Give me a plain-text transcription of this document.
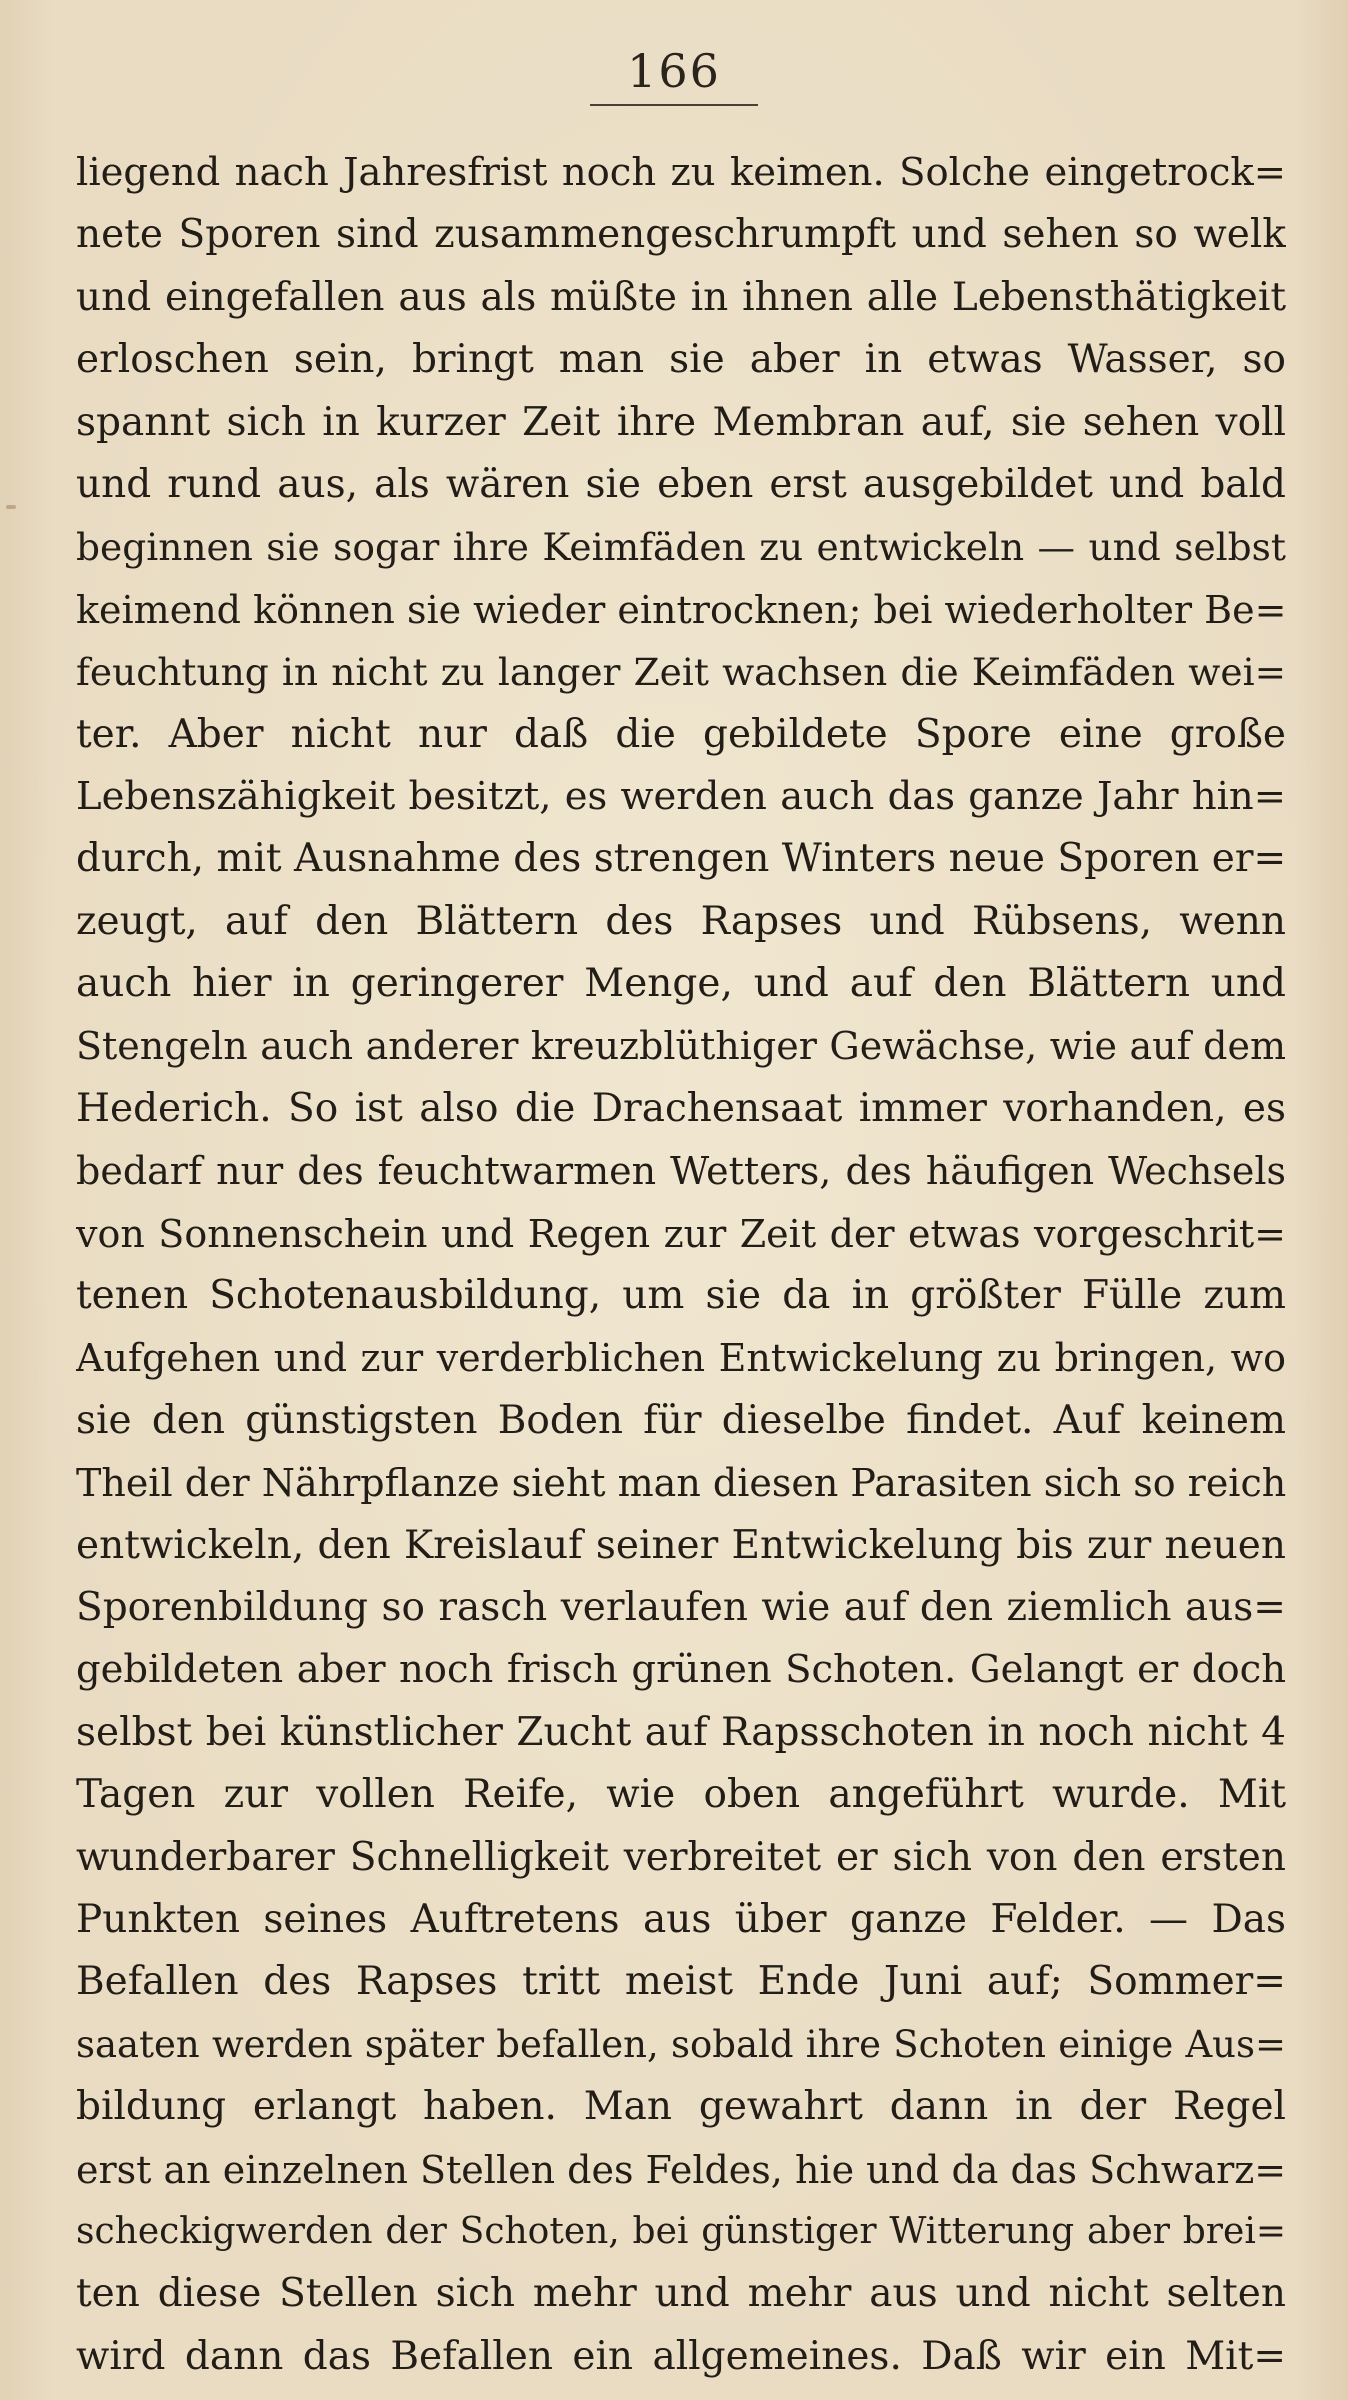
166
liegend nach Jahresfrist noch zu keimen. Solche eingetrock=
nete Sporen sind zusammengeschrumpft und sehen so welk
und eingefallen aus als müßte in ihnen alle Lebensthätigkeit
erloschen sein, bringt man sie aber in etwas Wasser, so
spannt sich in kurzer Zeit ihre Membran auf, sie sehen voll
und rund aus, als wären sie eben erst ausgebildet und bald
beginnen sie sogar ihre Keimfäden zu entwickeln — und selbst
keimend können sie wieder eintrocknen; bei wiederholter Be=
feuchtung in nicht zu langer Zeit wachsen die Keimfäden wei=
ter. Aber nicht nur daß die gebildete Spore eine große
Lebenszähigkeit besitzt, es werden auch das ganze Jahr hin=
durch, mit Ausnahme des strengen Winters neue Sporen er=
zeugt, auf den Blättern des Rapses und Rübsens, wenn
auch hier in geringerer Menge, und auf den Blättern und
Stengeln auch anderer kreuzblüthiger Gewächse, wie auf dem
Hederich. So ist also die Drachensaat immer vorhanden, es
bedarf nur des feuchtwarmen Wetters, des häufigen Wechsels
von Sonnenschein und Regen zur Zeit der etwas vorgeschrit=
tenen Schotenausbildung, um sie da in größter Fülle zum
Aufgehen und zur verderblichen Entwickelung zu bringen, wo
sie den günstigsten Boden für dieselbe findet. Auf keinem
Theil der Nährpflanze sieht man diesen Parasiten sich so reich
entwickeln, den Kreislauf seiner Entwickelung bis zur neuen
Sporenbildung so rasch verlaufen wie auf den ziemlich aus=
gebildeten aber noch frisch grünen Schoten. Gelangt er doch
selbst bei künstlicher Zucht auf Rapsschoten in noch nicht 4
Tagen zur vollen Reife, wie oben angeführt wurde. Mit
wunderbarer Schnelligkeit verbreitet er sich von den ersten
Punkten seines Auftretens aus über ganze Felder. — Das
Befallen des Rapses tritt meist Ende Juni auf; Sommer=
saaten werden später befallen, sobald ihre Schoten einige Aus=
bildung erlangt haben. Man gewahrt dann in der Regel
erst an einzelnen Stellen des Feldes, hie und da das Schwarz=
scheckigwerden der Schoten, bei günstiger Witterung aber brei=
ten diese Stellen sich mehr und mehr aus und nicht selten
wird dann das Befallen ein allgemeines. Daß wir ein Mit=
